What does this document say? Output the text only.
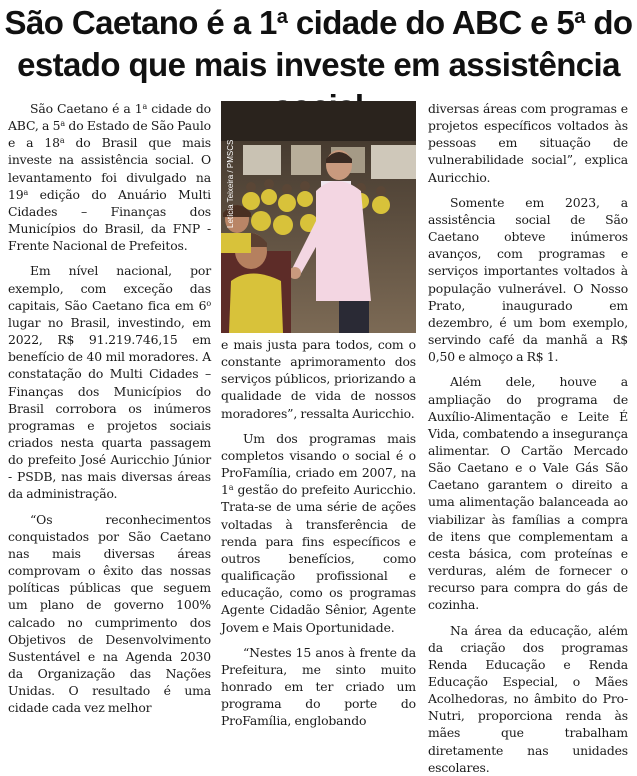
São Caetano é a 1$^a$ cidade do ABC e 5$^a$ do
estado que mais investe em assistência

São Caetano é a 1$^a$ cidade do ABC, a 5$^a$ do Estado de São Paulo e a 18$^a$ do Brasil que mais investe na assistência social. O levantamento foi divulgado na 19$^a$ edição do Anuário Multi Cidades – Finanças dos Municípios do Brasil, da FNP - Frente Nacional de Prefeitos.

Em nível nacional, por exemplo, com exceção das capitais, São Caetano fica em 6$^o$ lugar no Brasil, investindo, em 2022, R$ 91.219.746,15 em benefício de 40 mil moradores. A constatação do Multi Cidades – Finanças dos Municípios do Brasil corrobora os inúmeros programas e projetos sociais criados nesta quarta passagem do prefeito José Auricchio Júnior - PSDB, nas mais diversas áreas da administração.

“Os reconhecimentos conquistados por São Caetano nas mais diversas áreas comprovam o êxito das nossas políticas públicas que seguem um plano de governo 100% calcado no cumprimento dos Objetivos de Desenvolvimento Sustentável e na Agenda 2030 da Organização das Nações Unidas. O resultado é uma cidade cada vez melhor

Letícia Teixeira / PMSCS

e mais justa para todos, com o constante aprimoramento dos serviços públicos, priorizando a qualidade de vida de nossos moradores”, ressalta Auricchio.

Um dos programas mais completos visando o social é o ProFamília, criado em 2007, na 1$^a$ gestão do prefeito Auricchio. Trata-se de uma série de ações voltadas à transferência de renda para fins específicos e outros benefícios, como qualificação profissional e educação, como os programas Agente Cidadão Sênior, Agente Jovem e Mais Oportunidade.

“Nestes 15 anos à frente da Prefeitura, me sinto muito honrado em ter criado um programa do porte do ProFamília, englobando

diversas áreas com programas e projetos específicos voltados às pessoas em situação de vulnerabilidade social”, explica Auricchio.

Somente em 2023, a assistência social de São Caetano obteve inúmeros avanços, com programas e serviços importantes voltados à população vulnerável. O Nosso Prato, inaugurado em dezembro, é um bom exemplo, servindo café da manhã a R$ 0,50 e almoço a R$ 1.

Além dele, houve a ampliação do programa de Auxílio-Alimentação e Leite É Vida, combatendo a insegurança alimentar. O Cartão Mercado São Caetano e o Vale Gás São Caetano garantem o direito a uma alimentação balanceada ao viabilizar às famílias a compra de itens que complementam a cesta básica, com proteínas e verduras, além de fornecer o recurso para compra do gás de cozinha.

Na área da educação, além da criação dos programas Renda Educação e Renda Educação Especial, o Mães Acolhedoras, no âmbito do Pro-Nutri, proporciona renda às mães que trabalham diretamente nas unidades escolares.
